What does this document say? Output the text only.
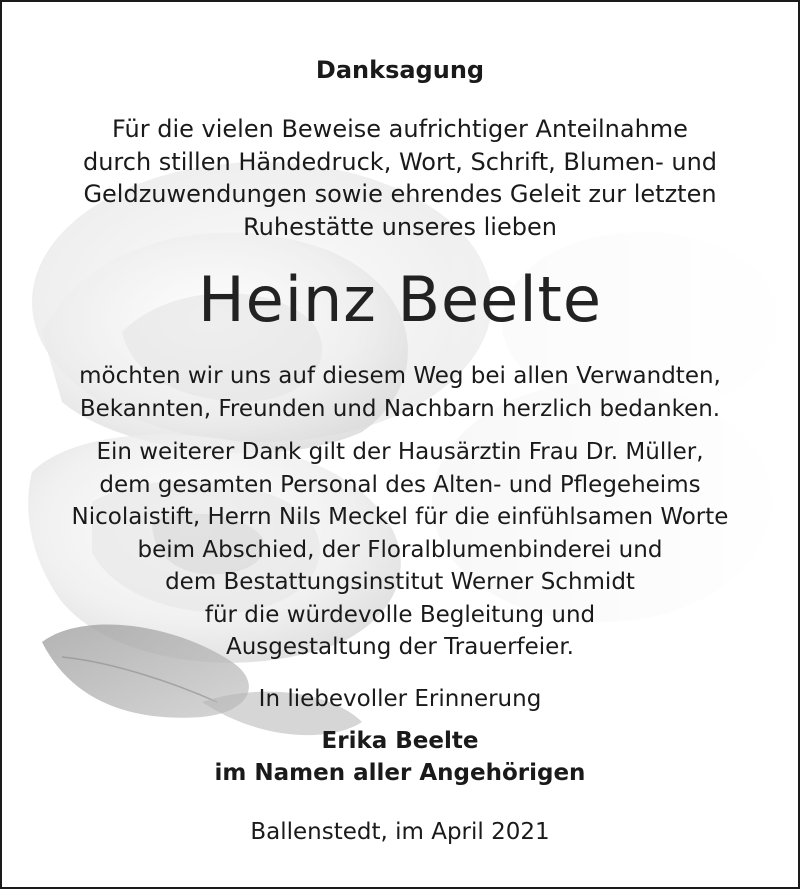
Danksagung
Für die vielen Beweise aufrichtiger Anteilnahme
durch stillen Händedruck, Wort, Schrift, Blumen- und
Geldzuwendungen sowie ehrendes Geleit zur letzten
Ruhestätte unseres lieben
Heinz Beelte
möchten wir uns auf diesem Weg bei allen Verwandten,
Bekannten, Freunden und Nachbarn herzlich bedanken.
Ein weiterer Dank gilt der Hausärztin Frau Dr. Müller,
dem gesamten Personal des Alten- und Pflegeheims
Nicolaistift, Herrn Nils Meckel für die einfühlsamen Worte
beim Abschied, der Floralblumenbinderei und
dem Bestattungsinstitut Werner Schmidt
für die würdevolle Begleitung und
Ausgestaltung der Trauerfeier.
In liebevoller Erinnerung
Erika Beelte
im Namen aller Angehörigen
Ballenstedt, im April 2021
